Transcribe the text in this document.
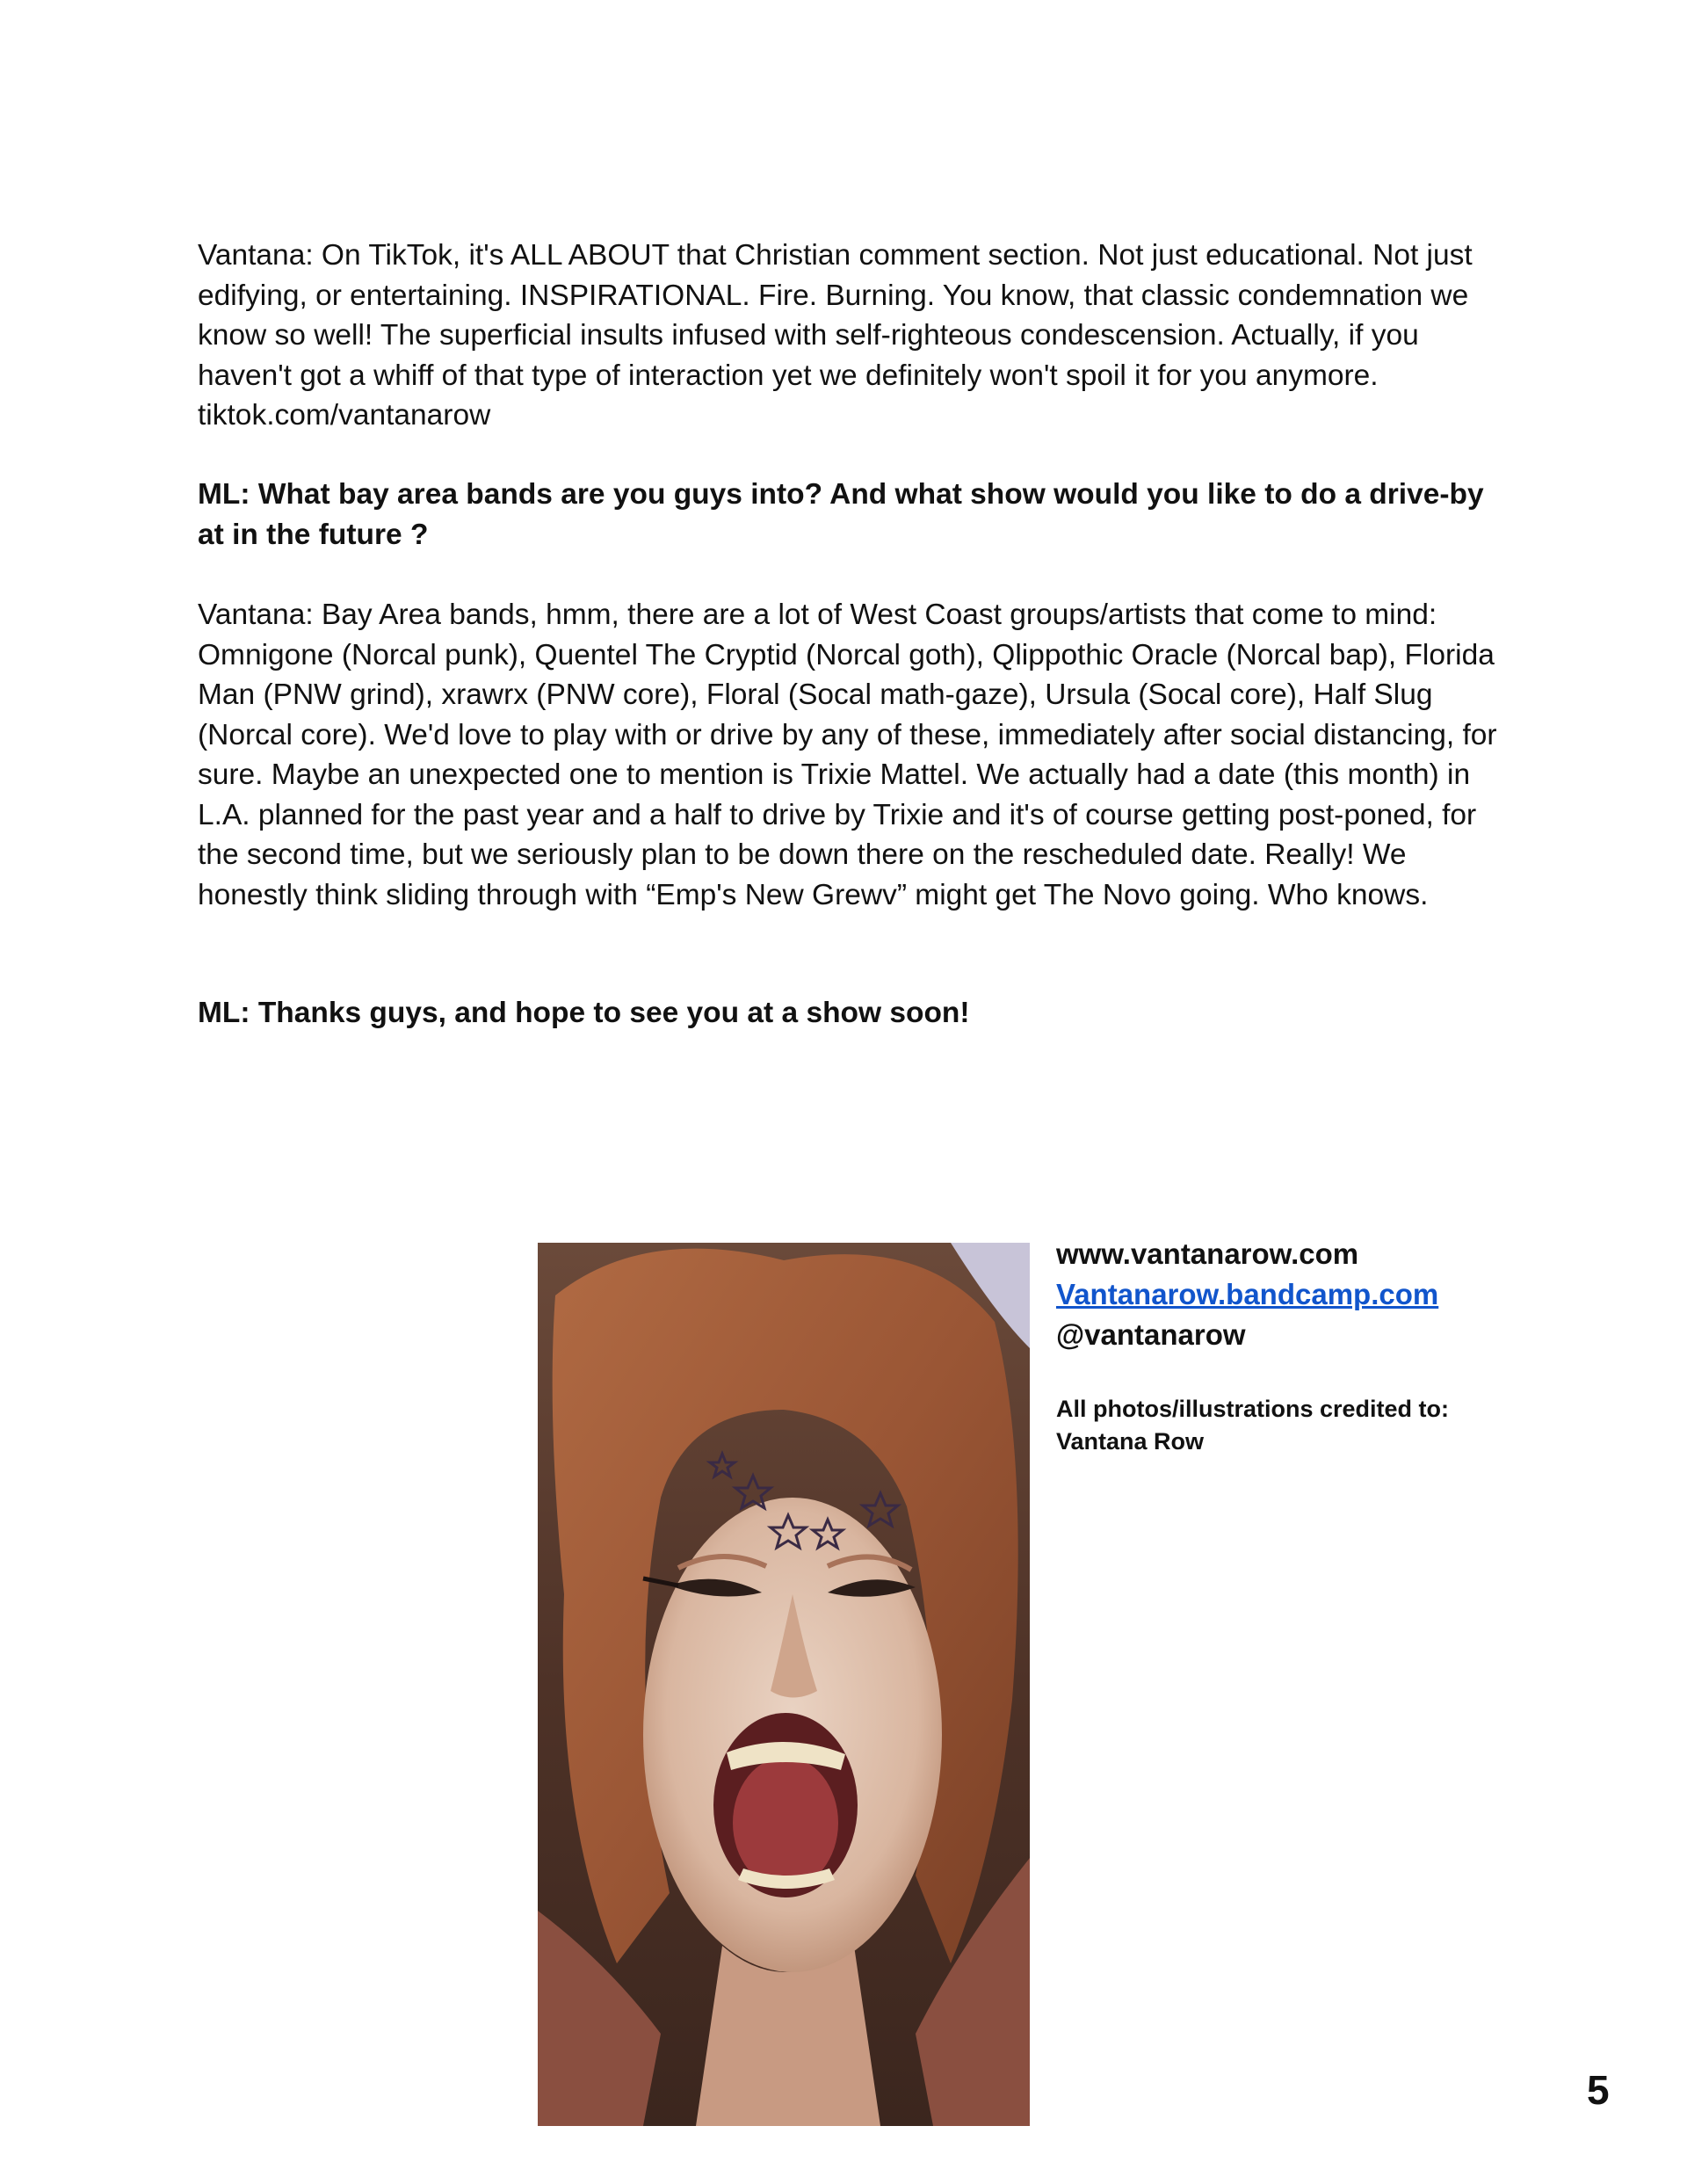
Vantana: On TikTok, it's ALL ABOUT that Christian comment section. Not just educational. Not just edifying, or entertaining. INSPIRATIONAL. Fire. Burning. You know, that classic condemnation we know so well! The superficial insults infused with self-righteous condescension. Actually, if you haven't got a whiff of that type of interaction yet we definitely won't spoil it for you anymore. tiktok.com/vantanarow

ML: What bay area bands are you guys into? And what show would you like to do a drive-by at in the future ?

Vantana: Bay Area bands, hmm, there are a lot of West Coast groups/artists that come to mind: Omnigone (Norcal punk), Quentel The Cryptid (Norcal goth), Qlippothic Oracle (Norcal bap), Florida Man (PNW grind), xrawrx (PNW core), Floral (Socal math-gaze), Ursula (Socal core), Half Slug (Norcal core). We'd love to play with or drive by any of these, immediately after social distancing, for sure. Maybe an unexpected one to mention is Trixie Mattel. We actually had a date (this month) in L.A. planned for the past year and a half to drive by Trixie and it's of course getting post-poned, for the second time, but we seriously plan to be down there on the rescheduled date. Really! We honestly think sliding through with “Emp's New Grewv” might get The Novo going. Who knows.

ML: Thanks guys, and hope to see you at a show soon!

www.vantanarow.com
Vantanarow.bandcamp.com
@vantanarow

All photos/illustrations credited to:
Vantana Row

5
